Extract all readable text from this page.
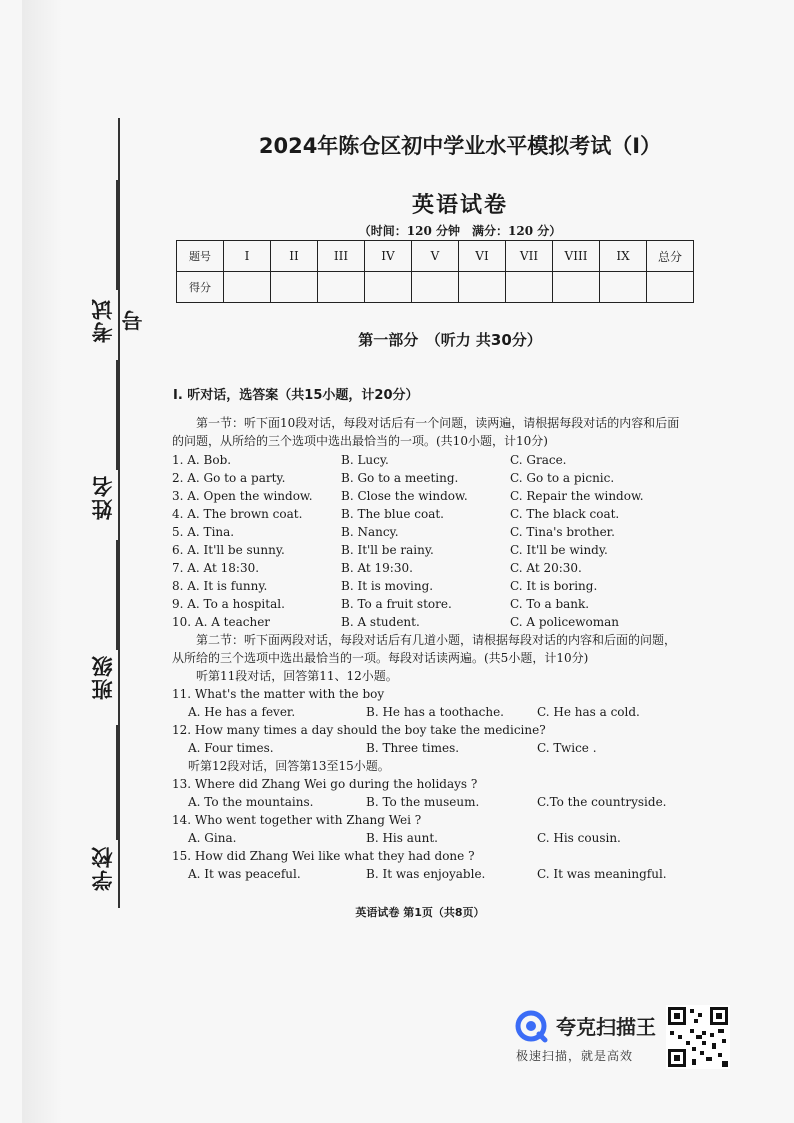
考试号
姓名
班级
学校
2024年陈仓区初中学业水平模拟考试（I）
英语试卷
（时间：120 分钟　满分：120 分）
题号	I	II	III	IV	V	VI	VII	VIII	IX	总分
得分										
第一部分　（听力 共30分）
I. 听对话，选答案（共15小题，计20分）
第一节：听下面10段对话，每段对话后有一个问题，读两遍，请根据每段对话的内容和后面的问题，从所给的三个选项中选出最恰当的一项。(共10小题，计10分)
1. A. Bob.	B. Lucy.	C. Grace.
2. A. Go to a party.	B. Go to a meeting.	C. Go to a picnic.
3. A. Open the window. B. Close the window.	C. Repair the window.
4. A. The brown coat.	B. The blue coat.	C. The black coat.
5. A. Tina.	B. Nancy.	C. Tina's brother.
6. A. It'll be sunny.	B. It'll be rainy.	C. It'll be windy.
7. A. At 18:30.	B. At 19:30.	C. At 20:30.
8. A. It is funny.	B. It is moving.	C. It is boring.
9. A. To a hospital.	B. To a fruit store.	C. To a bank.
10. A. A teacher	B. A student.	C. A policewoman
第二节：听下面两段对话，每段对话后有几道小题，请根据每段对话的内容和后面的问题，从所给的三个选项中选出最恰当的一项。每段对话读两遍。(共5小题，计10分)
听第11段对话，回答第11、12小题。
11. What's the matter with the boy
A. He has a fever.	B. He has a toothache.	C. He has a cold.
12. How many times a day should the boy take the medicine?
A. Four times.	B. Three times.	C. Twice .
听第12段对话，回答第13至15小题。
13. Where did Zhang Wei go during the holidays ?
A. To the mountains.	B. To the museum.	C.To the countryside.
14. Who went together with Zhang Wei ?
A. Gina.	B. His aunt.	C. His cousin.
15. How did Zhang Wei like what they had done ?
A. It was peaceful.	B. It was enjoyable.	C. It was meaningful.
英语试卷 第1页（共8页）
夸克扫描王
极速扫描，就是高效
